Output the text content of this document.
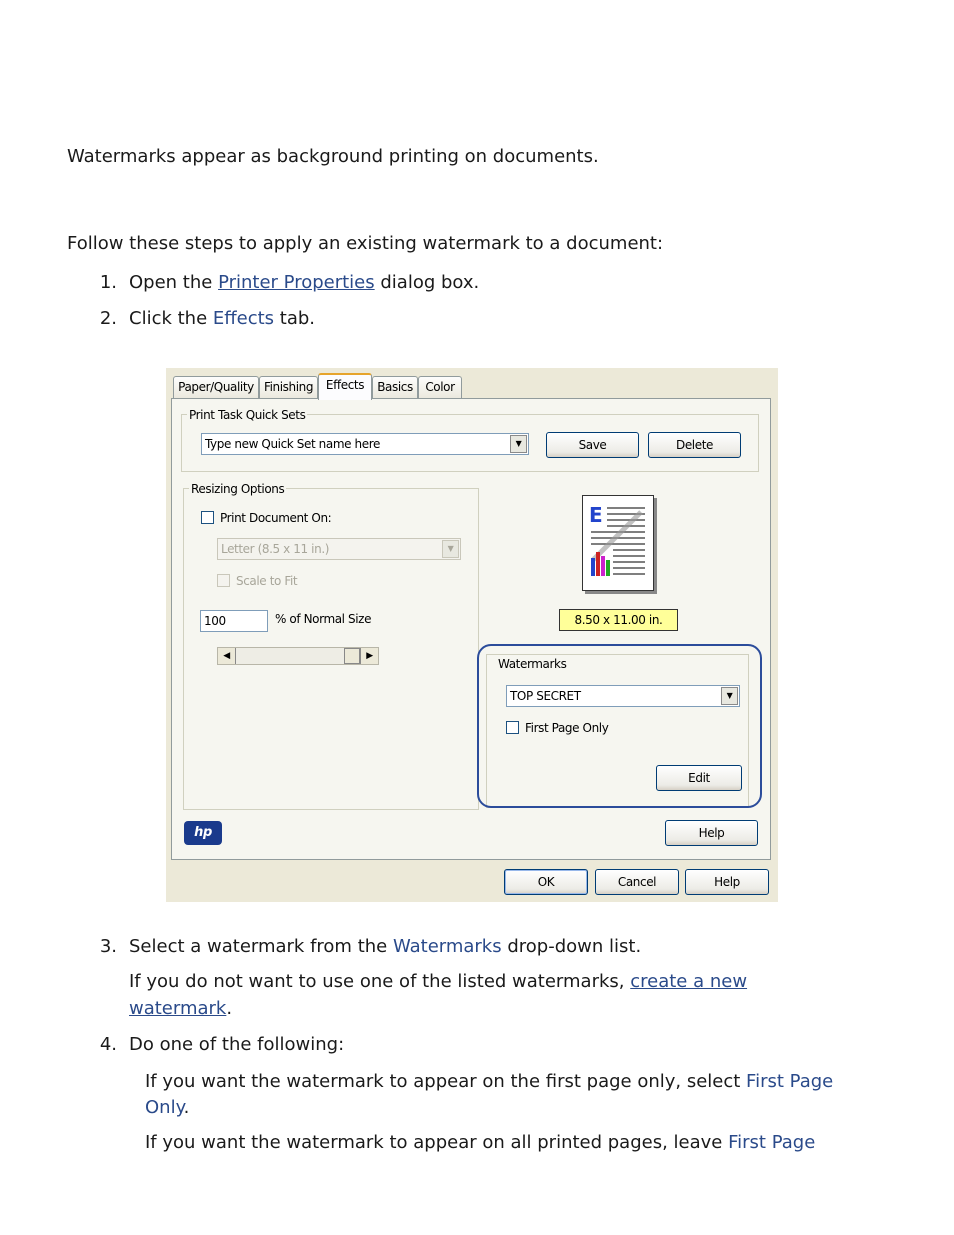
Watermarks appear as background printing on documents.
Follow these steps to apply an existing watermark to a document:
1. Open the Printer Properties dialog box.
2. Click the Effects tab.
Paper/Quality Finishing	Effects	Basics	Color
Print Task Quick Sets
Type new Quick Set name here	▼	Save	Delete
Resizing Options
Print Document On:
Letter (8.5 x 11 in.)	▼
Scale to Fit
100	% of Normal Size
◀	▶
E
8.50 x 11.00 in.
Watermarks
TOP SECRET	▼
First Page Only
Edit
hp	Help
OK	Cancel	Help
3. Select a watermark from the Watermarks drop-down list.
If you do not want to use one of the listed watermarks, create a new
watermark.
4. Do one of the following:
If you want the watermark to appear on the first page only, select First Page
Only.
If you want the watermark to appear on all printed pages, leave First Page
